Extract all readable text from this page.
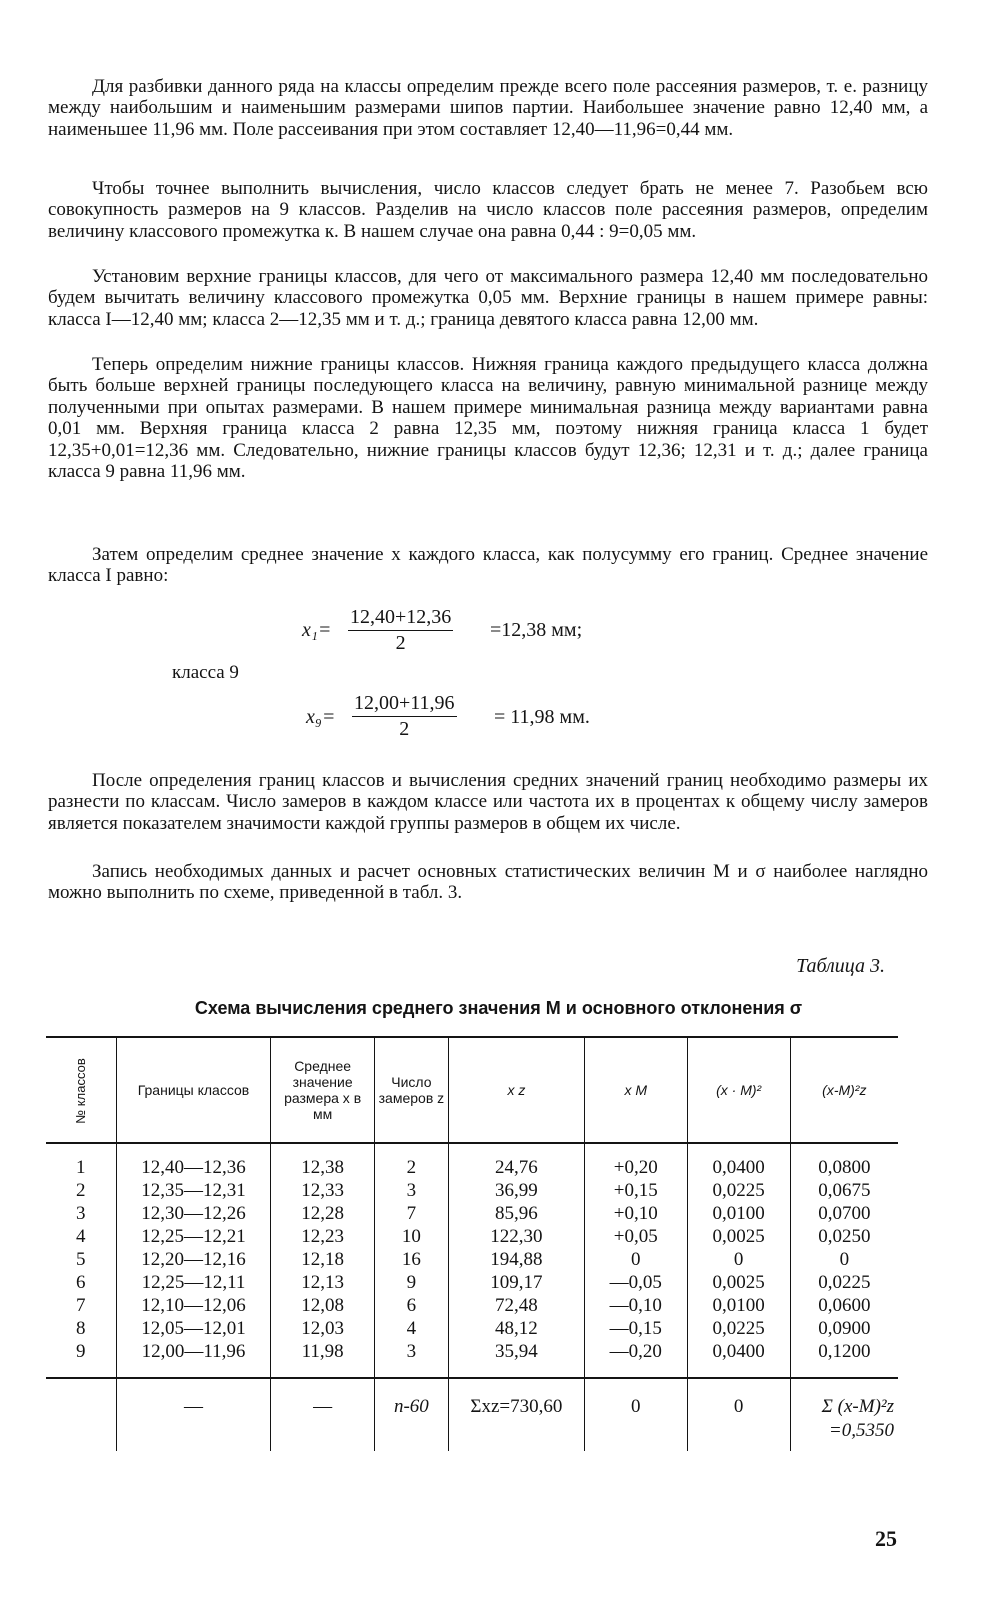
Для разбивки данного ряда на классы определим прежде всего поле рассеяния размеров, т. е. разницу между наибольшим и наименьшим размерами шипов партии. Наибольшее значение равно 12,40 мм, а наименьшее 11,96 мм. Поле рассеивания при этом составляет 12,40—11,96=0,44 мм.

Чтобы точнее выполнить вычисления, число классов следует брать не менее 7. Разобьем всю совокупность размеров на 9 классов. Разделив на число классов поле рассеяния размеров, определим величину классового промежутка к. В нашем случае она равна 0,44 : 9=0,05 мм.

Установим верхние границы классов, для чего от максимального размера 12,40 мм последовательно будем вычитать величину классового промежутка 0,05 мм. Верхние границы в нашем примере равны: класса I—12,40 мм; класса 2—12,35 мм и т. д.; граница девятого класса равна 12,00 мм.

Теперь определим нижние границы классов. Нижняя граница каждого предыдущего класса должна быть больше верхней границы последующего класса на величину, равную минимальной разнице между полученными при опытах размерами. В нашем примере минимальная разница между вариантами равна 0,01 мм. Верхняя граница класса 2 равна 12,35 мм, поэтому нижняя граница класса 1 будет 12,35+0,01=12,36 мм. Следовательно, нижние границы классов будут 12,36; 12,31 и т. д.; далее граница класса 9 равна 11,96 мм.

Затем определим среднее значение x каждого класса, как полусумму его границ. Среднее значение класса I равно:

$x_1= \frac{12,40+12,36}{2} =12,38$ мм;
класса 9
$x_9= \frac{12,00+11,96}{2} = 11,98$ мм.

После определения границ классов и вычисления средних значений границ необходимо размеры их разнести по классам. Число замеров в каждом классе или частота их в процентах к общему числу замеров является показателем значимости каждой группы размеров в общем их числе.

Запись необходимых данных и расчет основных статистических величин M и σ наиболее наглядно можно выполнить по схеме, приведенной в табл. 3.

Таблица 3.
Схема вычисления среднего значения M и основного отклонения σ
№ классов	Границы классов	Среднее значение размера x в мм	Число замеров z	x z	x M	(x · M)²	(x-M)²z
1	12,40—12,36	12,38	2	24,76	+0,20	0,0400	0,0800
2	12,35—12,31	12,33	3	36,99	+0,15	0,0225	0,0675
3	12,30—12,26	12,28	7	85,96	+0,10	0,0100	0,0700
4	12,25—12,21	12,23	10	122,30	+0,05	0,0025	0,0250
5	12,20—12,16	12,18	16	194,88	0	0	0
6	12,25—12,11	12,13	9	109,17	—0,05	0,0025	0,0225
7	12,10—12,06	12,08	6	72,48	—0,10	0,0100	0,0600
8	12,05—12,01	12,03	4	48,12	—0,15	0,0225	0,0900
9	12,00—11,96	11,98	3	35,94	—0,20	0,0400	0,1200
	—	—	n-60	Σxz=730,60	0	0	Σ (x-M)²z =0,5350
25
